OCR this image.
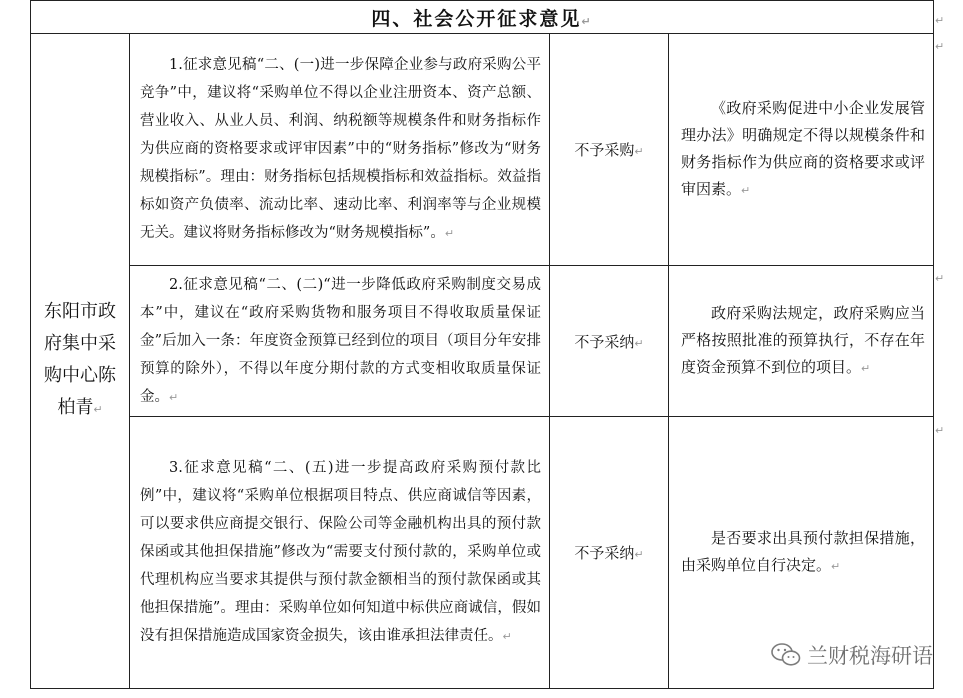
四、社会公开征求意见↵			
东阳市政府集中采购中心陈柏青↵	1.征求意见稿“二、(一)进一步保障企业参与政府采购公平竞争”中，建议将“采购单位不得以企业注册资本、资产总额、营业收入、从业人员、利润、纳税额等规模条件和财务指标作为供应商的资格要求或评审因素”中的“财务指标”修改为“财务规模指标”。理由：财务指标包括规模指标和效益指标。效益指标如资产负债率、流动比率、速动比率、利润率等与企业规模无关。建议将财务指标修改为“财务规模指标”。↵	不予采购↵	《政府采购促进中小企业发展管理办法》明确规定不得以规模条件和财务指标作为供应商的资格要求或评审因素。↵
	2.征求意见稿“二、(二)“进一步降低政府采购制度交易成本”中，建议在“政府采购货物和服务项目不得收取质量保证金”后加入一条：年度资金预算已经到位的项目（项目分年安排预算的除外），不得以年度分期付款的方式变相收取质量保证金。↵	不予采纳↵	政府采购法规定，政府采购应当严格按照批准的预算执行，不存在年度资金预算不到位的项目。↵
	3.征求意见稿“二、(五)进一步提高政府采购预付款比例”中，建议将“采购单位根据项目特点、供应商诚信等因素，可以要求供应商提交银行、保险公司等金融机构出具的预付款保函或其他担保措施”修改为“需要支付预付款的，采购单位或代理机构应当要求其提供与预付款金额相当的预付款保函或其他担保措施”。理由：采购单位如何知道中标供应商诚信，假如没有担保措施造成国家资金损失，该由谁承担法律责任。↵	不予采纳↵	是否要求出具预付款担保措施，由采购单位自行决定。↵
↵
↵
↵
↵
兰财税海研语
